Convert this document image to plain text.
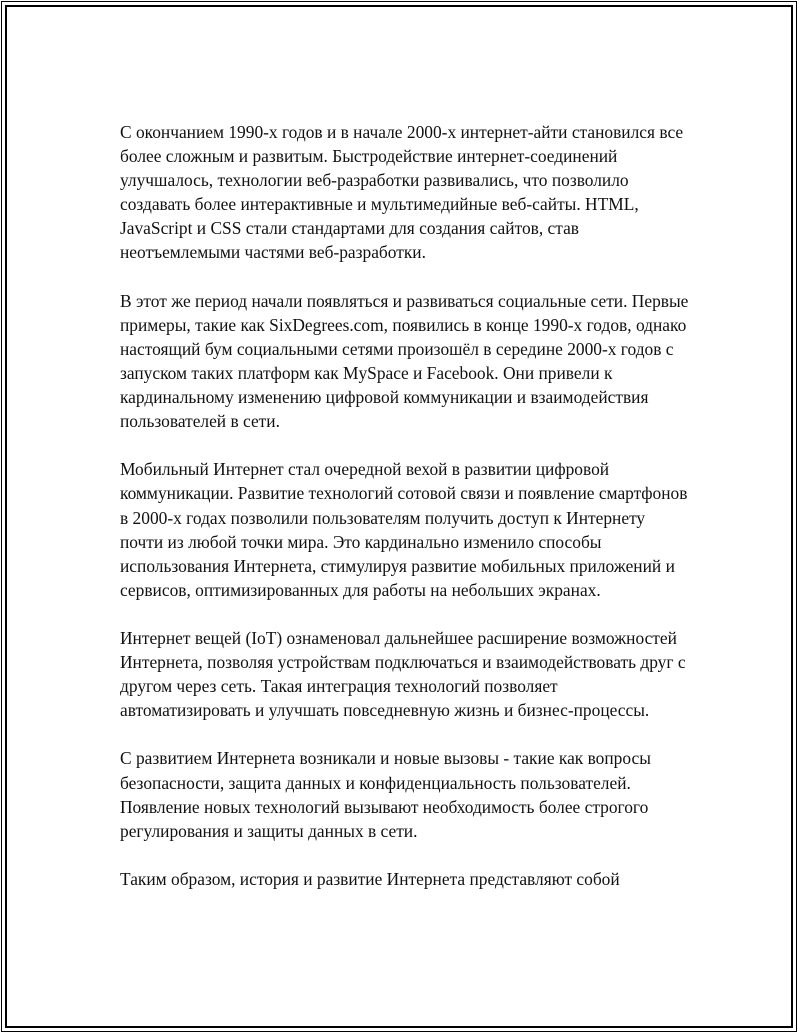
С окончанием 1990-х годов и в начале 2000-х интернет-айти становился все более сложным и развитым. Быстродействие интернет-соединений улучшалось, технологии веб-разработки развивались, что позволило создавать более интерактивные и мультимедийные веб-сайты. HTML, JavaScript и CSS стали стандартами для создания сайтов, став неотъемлемыми частями веб-разработки.

В этот же период начали появляться и развиваться социальные сети. Первые примеры, такие как SixDegrees.com, появились в конце 1990-х годов, однако настоящий бум социальными сетями произошёл в середине 2000-х годов с запуском таких платформ как MySpace и Facebook. Они привели к кардинальному изменению цифровой коммуникации и взаимодействия пользователей в сети.

Мобильный Интернет стал очередной вехой в развитии цифровой коммуникации. Развитие технологий сотовой связи и появление смартфонов в 2000-х годах позволили пользователям получить доступ к Интернету почти из любой точки мира. Это кардинально изменило способы использования Интернета, стимулируя развитие мобильных приложений и сервисов, оптимизированных для работы на небольших экранах.

Интернет вещей (IoT) ознаменовал дальнейшее расширение возможностей Интернета, позволяя устройствам подключаться и взаимодействовать друг с другом через сеть. Такая интеграция технологий позволяет автоматизировать и улучшать повседневную жизнь и бизнес-процессы.

С развитием Интернета возникали и новые вызовы - такие как вопросы безопасности, защита данных и конфиденциальность пользователей. Появление новых технологий вызывают необходимость более строгого регулирования и защиты данных в сети.

Таким образом, история и развитие Интернета представляют собой
